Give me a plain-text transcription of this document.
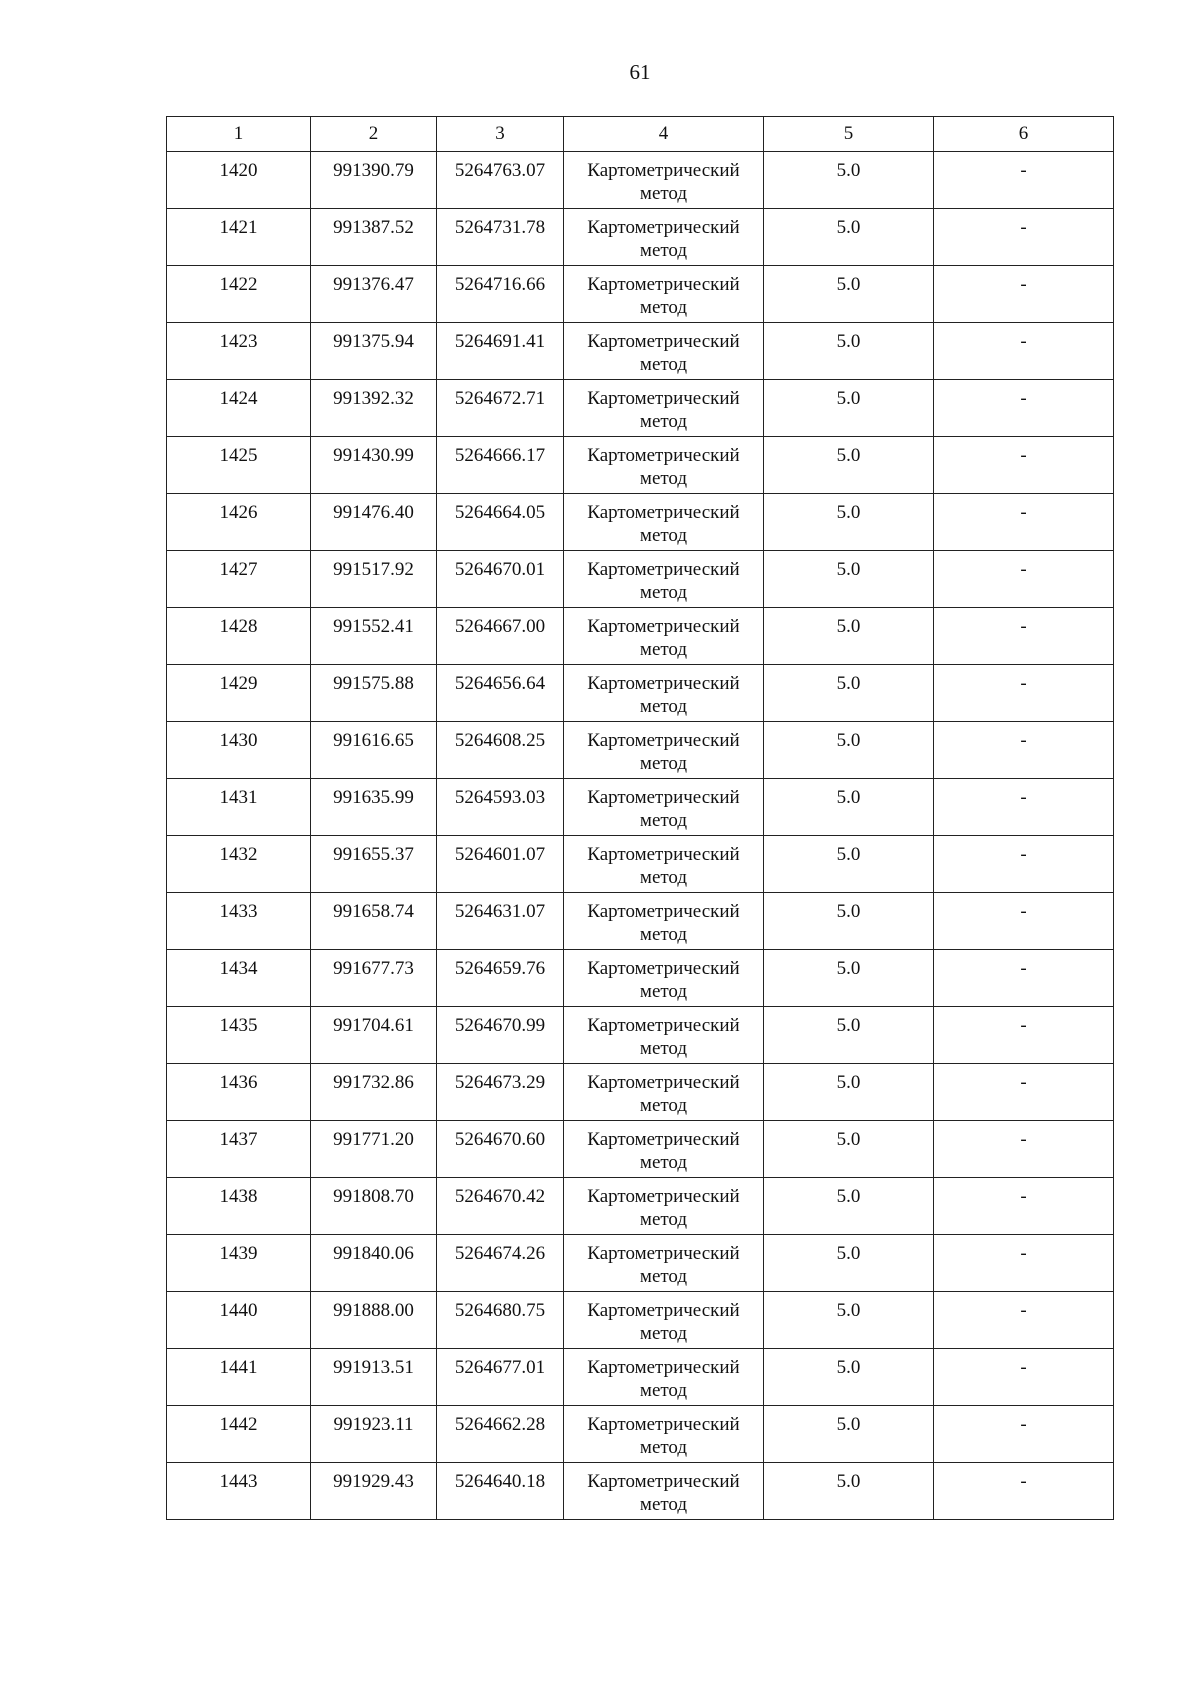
61
1	2	3	4	5	6
1420	991390.79	5264763.07	Картометрический метод	5.0	-
1421	991387.52	5264731.78	Картометрический метод	5.0	-
1422	991376.47	5264716.66	Картометрический метод	5.0	-
1423	991375.94	5264691.41	Картометрический метод	5.0	-
1424	991392.32	5264672.71	Картометрический метод	5.0	-
1425	991430.99	5264666.17	Картометрический метод	5.0	-
1426	991476.40	5264664.05	Картометрический метод	5.0	-
1427	991517.92	5264670.01	Картометрический метод	5.0	-
1428	991552.41	5264667.00	Картометрический метод	5.0	-
1429	991575.88	5264656.64	Картометрический метод	5.0	-
1430	991616.65	5264608.25	Картометрический метод	5.0	-
1431	991635.99	5264593.03	Картометрический метод	5.0	-
1432	991655.37	5264601.07	Картометрический метод	5.0	-
1433	991658.74	5264631.07	Картометрический метод	5.0	-
1434	991677.73	5264659.76	Картометрический метод	5.0	-
1435	991704.61	5264670.99	Картометрический метод	5.0	-
1436	991732.86	5264673.29	Картометрический метод	5.0	-
1437	991771.20	5264670.60	Картометрический метод	5.0	-
1438	991808.70	5264670.42	Картометрический метод	5.0	-
1439	991840.06	5264674.26	Картометрический метод	5.0	-
1440	991888.00	5264680.75	Картометрический метод	5.0	-
1441	991913.51	5264677.01	Картометрический метод	5.0	-
1442	991923.11	5264662.28	Картометрический метод	5.0	-
1443	991929.43	5264640.18	Картометрический метод	5.0	-
